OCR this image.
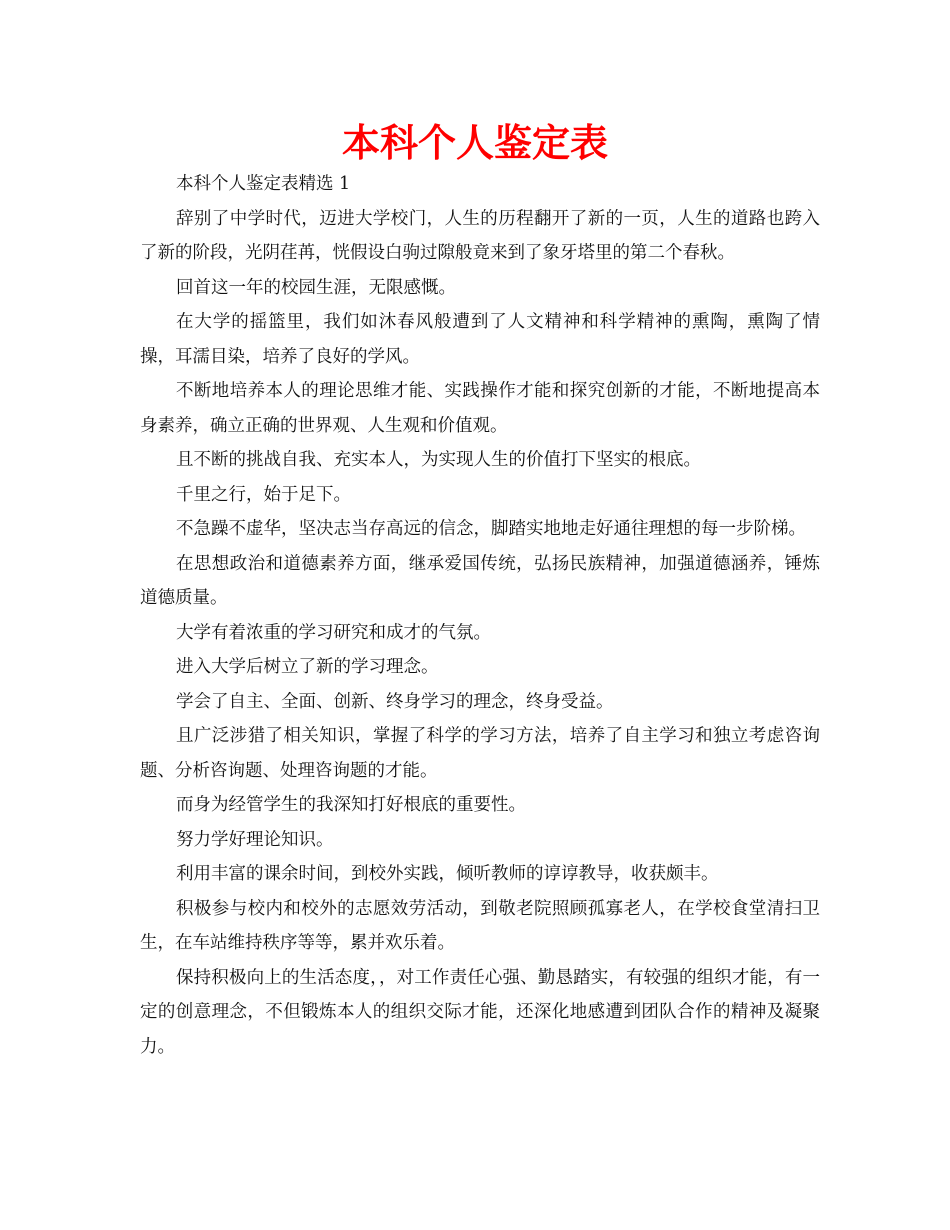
本科个人鉴定表

本科个人鉴定表精选 1

辞别了中学时代，迈进大学校门，人生的历程翻开了新的一页，人生的道路也跨入了新的阶段，光阴荏苒，恍假设白驹过隙般竟来到了象牙塔里的第二个春秋。

回首这一年的校园生涯，无限感慨。

在大学的摇篮里，我们如沐春风般遭到了人文精神和科学精神的熏陶，熏陶了情操，耳濡目染，培养了良好的学风。

不断地培养本人的理论思维才能、实践操作才能和探究创新的才能，不断地提高本身素养，确立正确的世界观、人生观和价值观。

且不断的挑战自我、充实本人，为实现人生的价值打下坚实的根底。

千里之行，始于足下。

不急躁不虚华，坚决志当存高远的信念，脚踏实地地走好通往理想的每一步阶梯。

在思想政治和道德素养方面，继承爱国传统，弘扬民族精神，加强道德涵养，锤炼道德质量。

大学有着浓重的学习研究和成才的气氛。

进入大学后树立了新的学习理念。

学会了自主、全面、创新、终身学习的理念，终身受益。

且广泛涉猎了相关知识，掌握了科学的学习方法，培养了自主学习和独立考虑咨询题、分析咨询题、处理咨询题的才能。

而身为经管学生的我深知打好根底的重要性。

努力学好理论知识。

利用丰富的课余时间，到校外实践，倾听教师的谆谆教导，收获颇丰。

积极参与校内和校外的志愿效劳活动，到敬老院照顾孤寡老人，在学校食堂清扫卫生，在车站维持秩序等等，累并欢乐着。

保持积极向上的生活态度，，对工作责任心强、勤恳踏实，有较强的组织才能，有一定的创意理念，不但锻炼本人的组织交际才能，还深化地感遭到团队合作的精神及凝聚力。
